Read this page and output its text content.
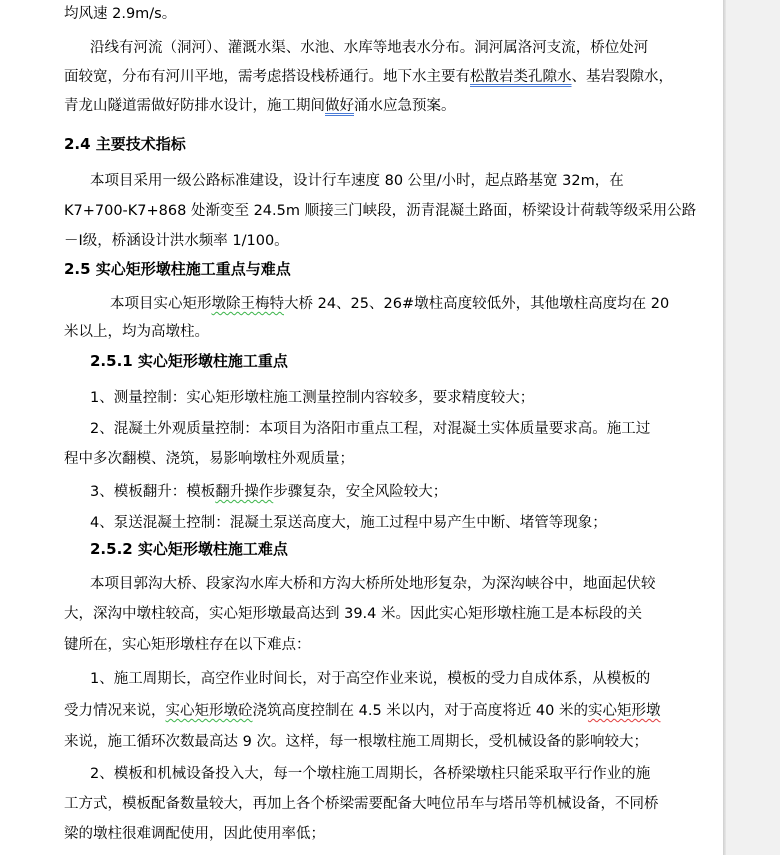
均风速 2.9m/s。
沿线有河流（洞河）、灌溉水渠、水池、水库等地表水分布。洞河属洛河支流，桥位处河
面较宽，分布有河川平地，需考虑搭设栈桥通行。地下水主要有松散岩类孔隙水、基岩裂隙水，
青龙山隧道需做好防排水设计，施工期间做好涌水应急预案。
2.4 主要技术指标
本项目采用一级公路标准建设，设计行车速度 80 公里/小时，起点路基宽 32m，在
K7+700-K7+868 处渐变至 24.5m 顺接三门峡段，沥青混凝土路面，桥梁设计荷载等级采用公路
－Ⅰ级，桥涵设计洪水频率 1/100。
2.5 实心矩形墩柱施工重点与难点
本项目实心矩形墩除王梅特大桥 24、25、26#墩柱高度较低外，其他墩柱高度均在 20
米以上，均为高墩柱。
2.5.1 实心矩形墩柱施工重点
1、测量控制：实心矩形墩柱施工测量控制内容较多，要求精度较大；
2、混凝土外观质量控制：本项目为洛阳市重点工程，对混凝土实体质量要求高。施工过
程中多次翻模、浇筑，易影响墩柱外观质量；
3、模板翻升：模板翻升操作步骤复杂，安全风险较大；
4、泵送混凝土控制：混凝土泵送高度大，施工过程中易产生中断、堵管等现象；
2.5.2 实心矩形墩柱施工难点
本项目郭沟大桥、段家沟水库大桥和方沟大桥所处地形复杂，为深沟峡谷中，地面起伏较
大，深沟中墩柱较高，实心矩形墩最高达到 39.4 米。因此实心矩形墩柱施工是本标段的关
键所在，实心矩形墩柱存在以下难点：
1、施工周期长，高空作业时间长，对于高空作业来说，模板的受力自成体系，从模板的
受力情况来说，实心矩形墩砼浇筑高度控制在 4.5 米以内，对于高度将近 40 米的实心矩形墩
来说，施工循环次数最高达 9 次。这样，每一根墩柱施工周期长，受机械设备的影响较大；
2、模板和机械设备投入大，每一个墩柱施工周期长，各桥梁墩柱只能采取平行作业的施
工方式，模板配备数量较大，再加上各个桥梁需要配备大吨位吊车与塔吊等机械设备，不同桥
梁的墩柱很难调配使用，因此使用率低；
